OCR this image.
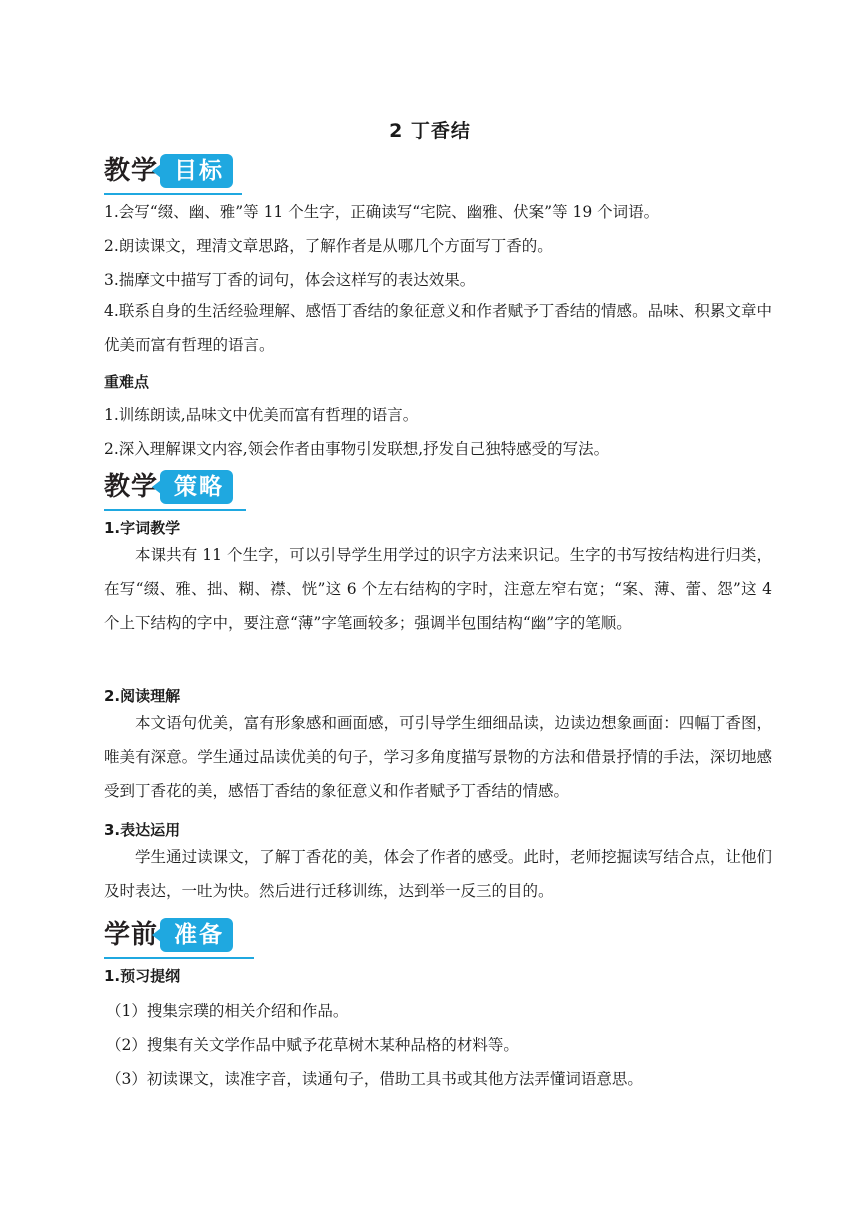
2 丁香结
教学 目标
1.会写“缀、幽、雅”等 11 个生字，正确读写“宅院、幽雅、伏案”等 19 个词语。
2.朗读课文，理清文章思路，了解作者是从哪几个方面写丁香的。
3.揣摩文中描写丁香的词句，体会这样写的表达效果。
4.联系自身的生活经验理解、感悟丁香结的象征意义和作者赋予丁香结的情感。品味、积累文章中优美而富有哲理的语言。
重难点
1.训练朗读,品味文中优美而富有哲理的语言。
2.深入理解课文内容,领会作者由事物引发联想,抒发自己独特感受的写法。
教学 策略
1.字词教学
本课共有 11 个生字，可以引导学生用学过的识字方法来识记。生字的书写按结构进行归类，在写“缀、雅、拙、糊、襟、恍”这 6 个左右结构的字时，注意左窄右宽；“案、薄、蕾、怨”这 4 个上下结构的字中，要注意“薄”字笔画较多；强调半包围结构“幽”字的笔顺。
2.阅读理解
本文语句优美，富有形象感和画面感，可引导学生细细品读，边读边想象画面：四幅丁香图，唯美有深意。学生通过品读优美的句子，学习多角度描写景物的方法和借景抒情的手法，深切地感受到丁香花的美，感悟丁香结的象征意义和作者赋予丁香结的情感。
3.表达运用
学生通过读课文，了解丁香花的美，体会了作者的感受。此时，老师挖掘读写结合点，让他们及时表达，一吐为快。然后进行迁移训练，达到举一反三的目的。
学前 准备
1.预习提纲
（1）搜集宗璞的相关介绍和作品。
（2）搜集有关文学作品中赋予花草树木某种品格的材料等。
（3）初读课文，读准字音，读通句子，借助工具书或其他方法弄懂词语意思。
